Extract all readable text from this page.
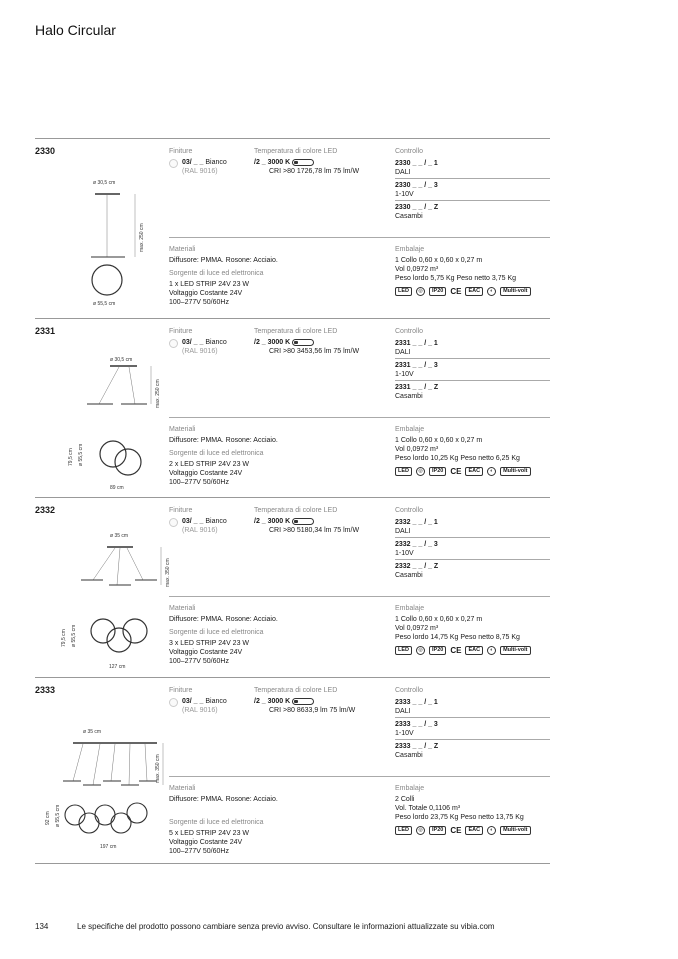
Halo Circular
2330
ø 30,5 cm
max. 250 cm
ø 55,5 cm
Finiture
03/ _ _ Bianco
(RAL 9016)
Temperatura di colore LED
/2 _ 3000 K
CRI >80 1726,78 lm 75 lm/W
Controllo
2330 _ _ / _ 1
DALI
2330 _ _ / _ 3
1-10V
2330 _ _ / _ Z
Casambi
Materiali
Diffusore: PMMA. Rosone: Acciaio.
Sorgente di luce ed elettronica
1 x LED STRIP 24V 23 W
Voltaggio Costante 24V
100–277V 50/60Hz
Embalaje
1 Collo 0,60 x 0,60 x 0,27 m
Vol 0,0972 m³
Peso lordo 5,75 Kg Peso netto 3,75 Kg
LED	◎	IP20 CE	EAC	◐	Multi-volt
2331
ø 30,5 cm
max. 250 cm
79,5 cm ø 55,5 cm
89 cm
Finiture
03/ _ _ Bianco
(RAL 9016)
Temperatura di colore LED
/2 _ 3000 K
CRI >80 3453,56 lm 75 lm/W
Controllo
2331 _ _ / _ 1
DALI
2331 _ _ / _ 3
1-10V
2331 _ _ / _ Z
Casambi
Materiali
Diffusore: PMMA. Rosone: Acciaio.
Sorgente di luce ed elettronica
2 x LED STRIP 24V 23 W
Voltaggio Costante 24V
100–277V 50/60Hz
Embalaje
1 Collo 0,60 x 0,60 x 0,27 m
Vol 0,0972 m³
Peso lordo 10,25 Kg Peso netto 6,25 Kg
LED	◎	IP20 CE	EAC	◐	Multi-volt
2332
ø 35 cm
max. 350 cm
79,5 cm ø 55,5 cm
127 cm
Finiture
03/ _ _ Bianco
(RAL 9016)
Temperatura di colore LED
/2 _ 3000 K
CRI >80 5180,34 lm 75 lm/W
Controllo
2332 _ _ / _ 1
DALI
2332 _ _ / _ 3
1-10V
2332 _ _ / _ Z
Casambi
Materiali
Diffusore: PMMA. Rosone: Acciaio.
Sorgente di luce ed elettronica
3 x LED STRIP 24V 23 W
Voltaggio Costante 24V
100–277V 50/60Hz
Embalaje
1 Collo 0,60 x 0,60 x 0,27 m
Vol 0,0972 m³
Peso lordo 14,75 Kg Peso netto 8,75 Kg
LED	◎	IP20 CE	EAC	◐	Multi-volt
2333
ø 35 cm
max. 350 cm
92 cm ø 55,5 cm
197 cm
Finiture
03/ _ _ Bianco
(RAL 9016)
Temperatura di colore LED
/2 _ 3000 K
CRI >80 8633,9 lm 75 lm/W
Controllo
2333 _ _ / _ 1
DALI
2333 _ _ / _ 3
1-10V
2333 _ _ / _ Z
Casambi
Materiali
Diffusore: PMMA. Rosone: Acciaio.
Sorgente di luce ed elettronica
5 x LED STRIP 24V 23 W
Voltaggio Costante 24V
100–277V 50/60Hz
Embalaje
2 Colli
Vol. Totale 0,1106 m³
Peso lordo 23,75 Kg Peso netto 13,75 Kg
LED	◎	IP20 CE	EAC	◐	Multi-volt
134	Le specifiche del prodotto possono cambiare senza previo avviso. Consultare le informazioni attualizzate su vibia.com
